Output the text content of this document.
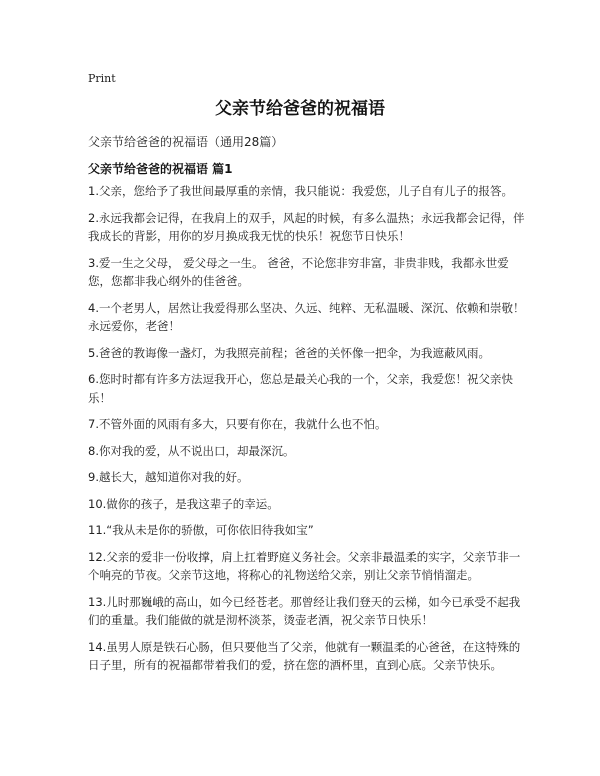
Print
父亲节给爸爸的祝福语
父亲节给爸爸的祝福语（通用28篇）
父亲节给爸爸的祝福语 篇1

1.父亲，您给予了我世间最厚重的亲情，我只能说：我爱您，儿子自有儿子的报答。

2.永远我都会记得，在我肩上的双手，风起的时候，有多么温热；永远我都会记得，伴我成长的背影，用你的岁月换成我无忧的快乐！祝您节日快乐！

3.爱一生之父母， 爱父母之一生。 爸爸，不论您非穷非富，非贵非贱，我都永世爱您，您都非我心纲外的佳爸爸。

4.一个老男人，居然让我爱得那么坚决、久远、纯粹、无私温暖、深沉、依赖和崇敬！永远爱你，老爸！

5.爸爸的教诲像一盏灯，为我照亮前程；爸爸的关怀像一把伞，为我遮蔽风雨。

6.您时时都有许多方法逗我开心，您总是最关心我的一个，父亲，我爱您！祝父亲快乐！

7.不管外面的风雨有多大，只要有你在，我就什么也不怕。

8.你对我的爱，从不说出口，却最深沉。

9.越长大，越知道你对我的好。

10.做你的孩子，是我这辈子的幸运。

11.“我从未是你的骄傲，可你依旧待我如宝”

12.父亲的爱非一份收撑，肩上扛着野庭义务社会。父亲非最温柔的实字，父亲节非一个响亮的节夜。父亲节这地，将称心的礼物送给父亲，别让父亲节悄悄溜走。

13.儿时那巍峨的高山，如今已经苍老。那曾经让我们登天的云梯，如今已承受不起我们的重量。我们能做的就是沏杯淡茶，烫壶老酒，祝父亲节日快乐！

14.虽男人原是铁石心肠，但只要他当了父亲，他就有一颗温柔的心爸爸，在这特殊的日子里，所有的祝福都带着我们的爱，挤在您的酒杯里，直到心底。父亲节快乐。
